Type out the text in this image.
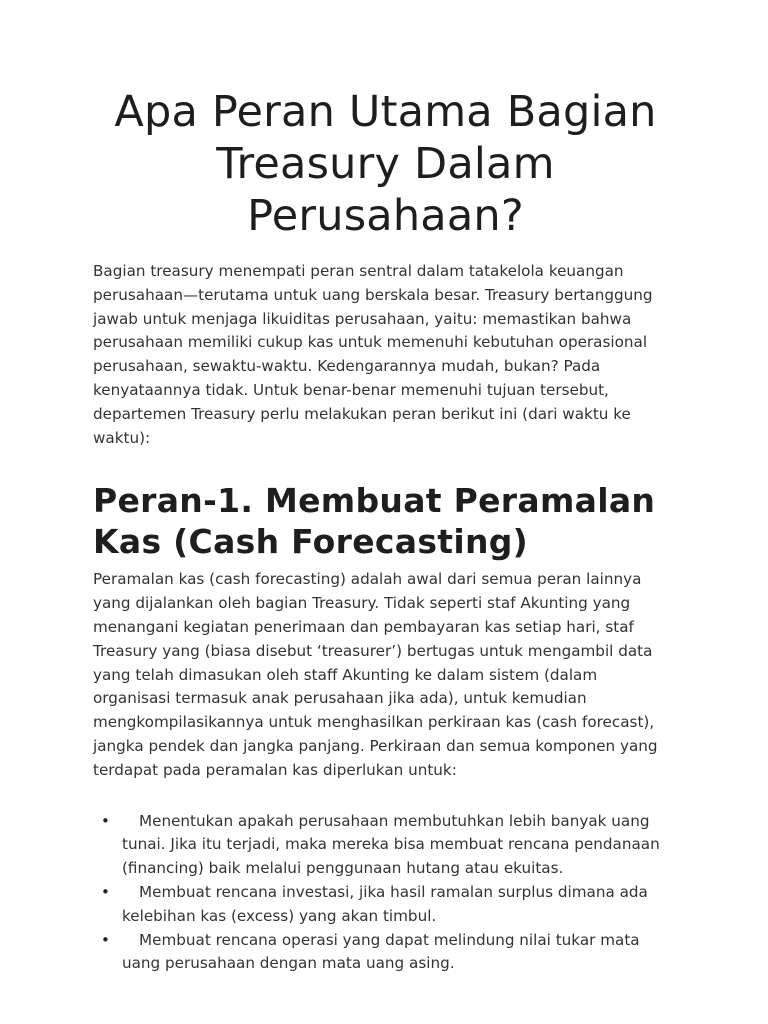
Apa Peran Utama Bagian Treasury Dalam Perusahaan?

Bagian treasury menempati peran sentral dalam tatakelola keuangan perusahaan—terutama untuk uang berskala besar. Treasury bertanggung jawab untuk menjaga likuiditas perusahaan, yaitu: memastikan bahwa perusahaan memiliki cukup kas untuk memenuhi kebutuhan operasional perusahaan, sewaktu-waktu. Kedengarannya mudah, bukan? Pada kenyataannya tidak. Untuk benar-benar memenuhi tujuan tersebut, departemen Treasury perlu melakukan peran berikut ini (dari waktu ke waktu):

Peran-1. Membuat Peramalan Kas (Cash Forecasting)

Peramalan kas (cash forecasting) adalah awal dari semua peran lainnya yang dijalankan oleh bagian Treasury. Tidak seperti staf Akunting yang menangani kegiatan penerimaan dan pembayaran kas setiap hari, staf Treasury yang (biasa disebut ‘treasurer’) bertugas untuk mengambil data yang telah dimasukan oleh staff Akunting ke dalam sistem (dalam organisasi termasuk anak perusahaan jika ada), untuk kemudian mengkompilasikannya untuk menghasilkan perkiraan kas (cash forecast), jangka pendek dan jangka panjang. Perkiraan dan semua komponen yang terdapat pada peramalan kas diperlukan untuk:

• Menentukan apakah perusahaan membutuhkan lebih banyak uang tunai. Jika itu terjadi, maka mereka bisa membuat rencana pendanaan (financing) baik melalui penggunaan hutang atau ekuitas.
• Membuat rencana investasi, jika hasil ramalan surplus dimana ada kelebihan kas (excess) yang akan timbul.
• Membuat rencana operasi yang dapat melindung nilai tukar mata uang perusahaan dengan mata uang asing.
